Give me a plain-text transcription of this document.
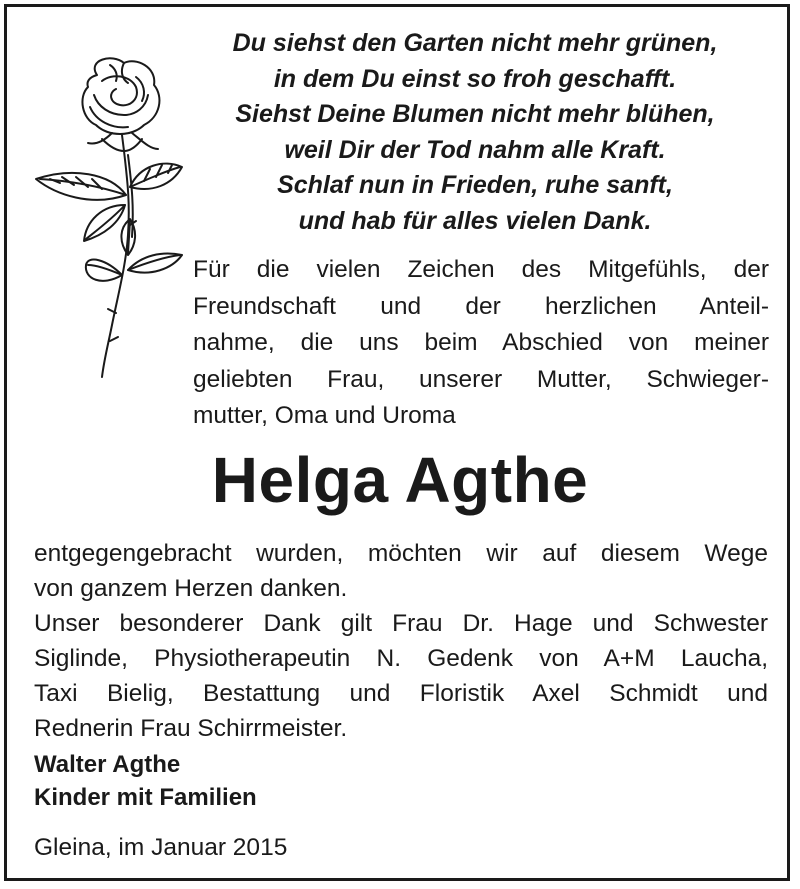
Du siehst den Garten nicht mehr grünen,
in dem Du einst so froh geschafft.
Siehst Deine Blumen nicht mehr blühen,
weil Dir der Tod nahm alle Kraft.
Schlaf nun in Frieden, ruhe sanft,
und hab für alles vielen Dank.
Für die vielen Zeichen des Mitgefühls, der
Freundschaft und der herzlichen Anteil-
nahme, die uns beim Abschied von meiner
geliebten Frau, unserer Mutter, Schwieger-
mutter, Oma und Uroma
Helga Agthe
entgegengebracht wurden, möchten wir auf diesem Wege
von ganzem Herzen danken.
Unser besonderer Dank gilt Frau Dr. Hage und Schwester
Siglinde, Physiotherapeutin N. Gedenk von A+M Laucha,
Taxi Bielig, Bestattung und Floristik Axel Schmidt und
Rednerin Frau Schirrmeister.
Walter Agthe
Kinder mit Familien
Gleina, im Januar 2015
